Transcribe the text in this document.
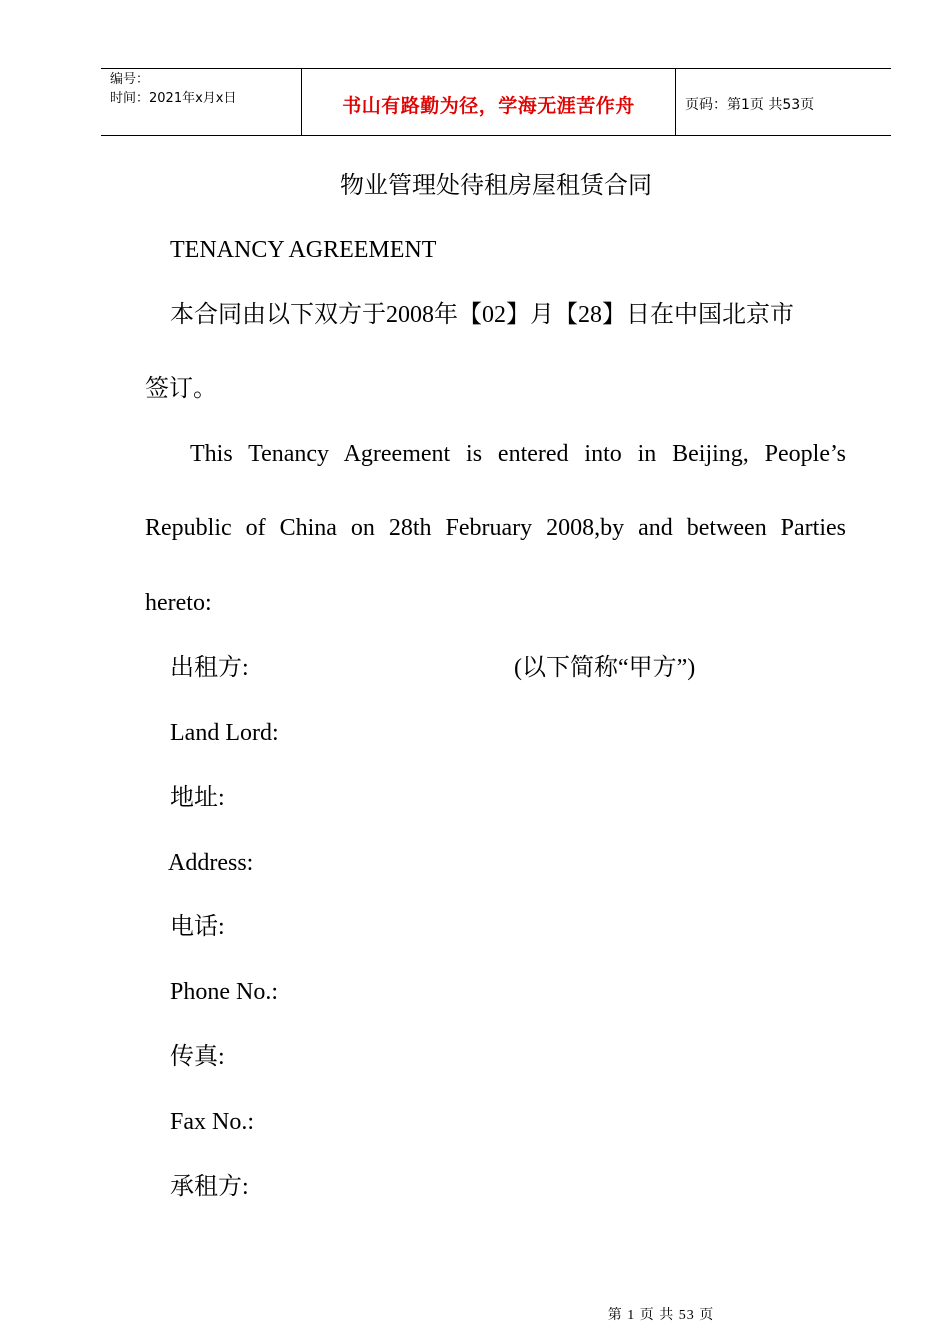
编号：
时间：2021年x月x日	书山有路勤为径，学海无涯苦作舟	页码：第1页 共53页
物业管理处待租房屋租赁合同
TENANCY AGREEMENT
本合同由以下双方于2008年【02】月【28】日在中国北京市
签订。
This Tenancy Agreement is entered into in Beijing, People’s
Republic of China on 28th February 2008,by and between Parties
hereto:
出租方:	(以下简称“甲方”)
Land Lord:
地址:
Address:
电话:
Phone No.:
传真:
Fax No.:
承租方:
第 1 页 共 53 页
